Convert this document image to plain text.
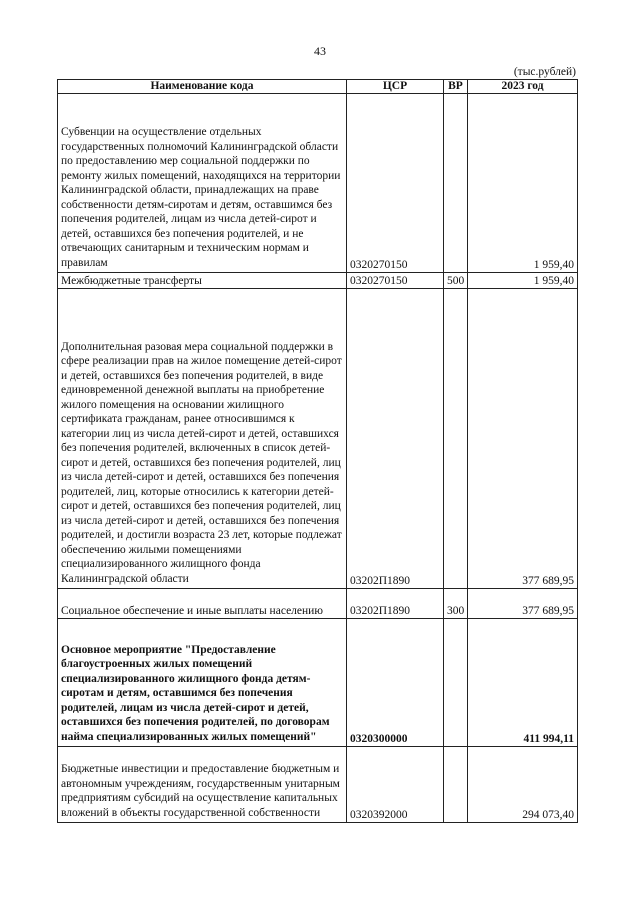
43
(тыс.рублей)
Наименование кода	ЦСР	ВР	2023 год

Субвенции на осуществление отдельных государственных полномочий Калининградской области по предоставлению мер социальной поддержки по ремонту жилых помещений, находящихся на территории Калининградской области, принадлежащих на праве собственности детям-сиротам и детям, оставшимся без попечения родителей, лицам из числа детей-сирот и детей, оставшихся без попечения родителей, и не отвечающих санитарным и техническим нормам и правилам	0320270150		1 959,40
Межбюджетные трансферты	0320270150	500	1 959,40

Дополнительная разовая мера социальной поддержки в сфере реализации прав на жилое помещение детей-сирот и детей, оставшихся без попечения родителей, в виде единовременной денежной выплаты на приобретение жилого помещения на основании жилищного сертификата гражданам, ранее относившимся к категории лиц из числа детей-сирот и детей, оставшихся без попечения родителей, включенных в список детей-сирот и детей, оставшихся без попечения родителей, лиц из числа детей-сирот и детей, оставшихся без попечения родителей, лиц, которые относились к категории детей-сирот и детей, оставшихся без попечения родителей, лиц из числа детей-сирот и детей, оставшихся без попечения родителей, и достигли возраста 23 лет, которые подлежат обеспечению жилыми помещениями специализированного жилищного фонда Калининградской области	03202П1890		377 689,95
Социальное обеспечение и иные выплаты населению	03202П1890	300	377 689,95

Основное мероприятие "Предоставление благоустроенных жилых помещений специализированного жилищного фонда детям-сиротам и детям, оставшимся без попечения родителей, лицам из числа детей-сирот и детей, оставшихся без попечения родителей, по договорам найма специализированных жилых помещений"	0320300000		411 994,11

Бюджетные инвестиции и предоставление бюджетным и автономным учреждениям, государственным унитарным предприятиям субсидий на осуществление капитальных вложений в объекты государственной собственности	0320392000		294 073,40
